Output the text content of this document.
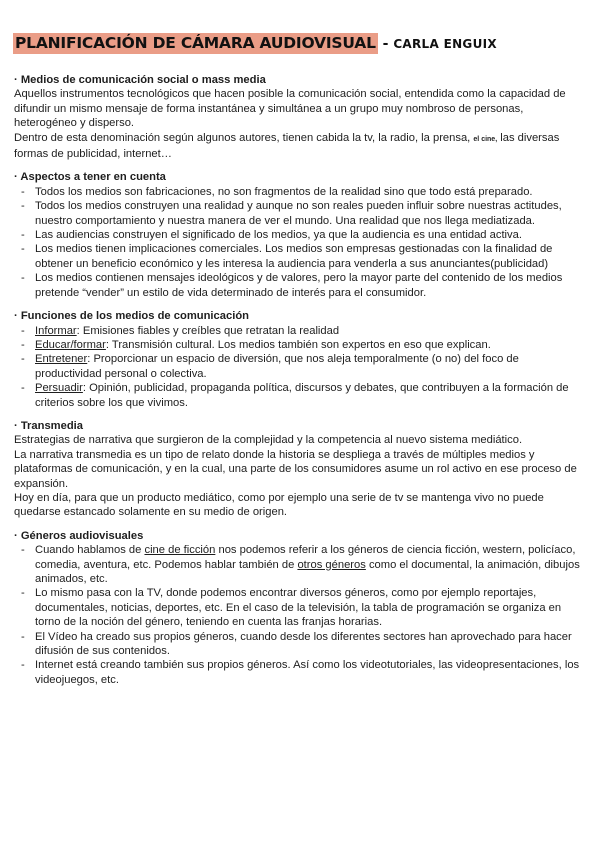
PLANIFICACIÓN DE CÁMARA AUDIOVISUAL - CARLA ENGUIX

· Medios de comunicación social o mass media

Aquellos instrumentos tecnológicos que hacen posible la comunicación social, entendida como la capacidad de difundir un mismo mensaje de forma instantánea y simultánea a un grupo muy nombroso de personas, heterogéneo y disperso.

Dentro de esta denominación según algunos autores, tienen cabida la tv, la radio, la prensa, el cine, las diversas formas de publicidad, internet…

· Aspectos a tener en cuenta

- Todos los medios son fabricaciones, no son fragmentos de la realidad sino que todo está preparado.
- Todos los medios construyen una realidad y aunque no son reales pueden influir sobre nuestras actitudes, nuestro comportamiento y nuestra manera de ver el mundo. Una realidad que nos llega mediatizada.
- Las audiencias construyen el significado de los medios, ya que la audiencia es una entidad activa.
- Los medios tienen implicaciones comerciales. Los medios son empresas gestionadas con la finalidad de obtener un beneficio económico y les interesa la audiencia para venderla a sus anunciantes(publicidad)
- Los medios contienen mensajes ideológicos y de valores, pero la mayor parte del contenido de los medios pretende “vender” un estilo de vida determinado de interés para el consumidor.

· Funciones de los medios de comunicación

- Informar: Emisiones fiables y creíbles que retratan la realidad
- Educar/formar: Transmisión cultural. Los medios también son expertos en eso que explican.
- Entretener: Proporcionar un espacio de diversión, que nos aleja temporalmente (o no) del foco de productividad personal o colectiva.
- Persuadir: Opinión, publicidad, propaganda política, discursos y debates, que contribuyen a la formación de criterios sobre los que vivimos.

· Transmedia

Estrategias de narrativa que surgieron de la complejidad y la competencia al nuevo sistema mediático.

La narrativa transmedia es un tipo de relato donde la historia se despliega a través de múltiples medios y plataformas de comunicación, y en la cual, una parte de los consumidores asume un rol activo en ese proceso de expansión.

Hoy en día, para que un producto mediático, como por ejemplo una serie de tv se mantenga vivo no puede quedarse estancado solamente en su medio de origen.

· Géneros audiovisuales

- Cuando hablamos de cine de ficción nos podemos referir a los géneros de ciencia ficción, western, policíaco, comedia, aventura, etc. Podemos hablar también de otros géneros como el documental, la animación, dibujos animados, etc.
- Lo mismo pasa con la TV, donde podemos encontrar diversos géneros, como por ejemplo reportajes, documentales, noticias, deportes, etc. En el caso de la televisión, la tabla de programación se organiza en torno de la noción del género, teniendo en cuenta las franjas horarias.
- El Vídeo ha creado sus propios géneros, cuando desde los diferentes sectores han aprovechado para hacer difusión de sus contenidos.
- Internet está creando también sus propios géneros. Así como los videotutoriales, las videopresentaciones, los videojuegos, etc.
